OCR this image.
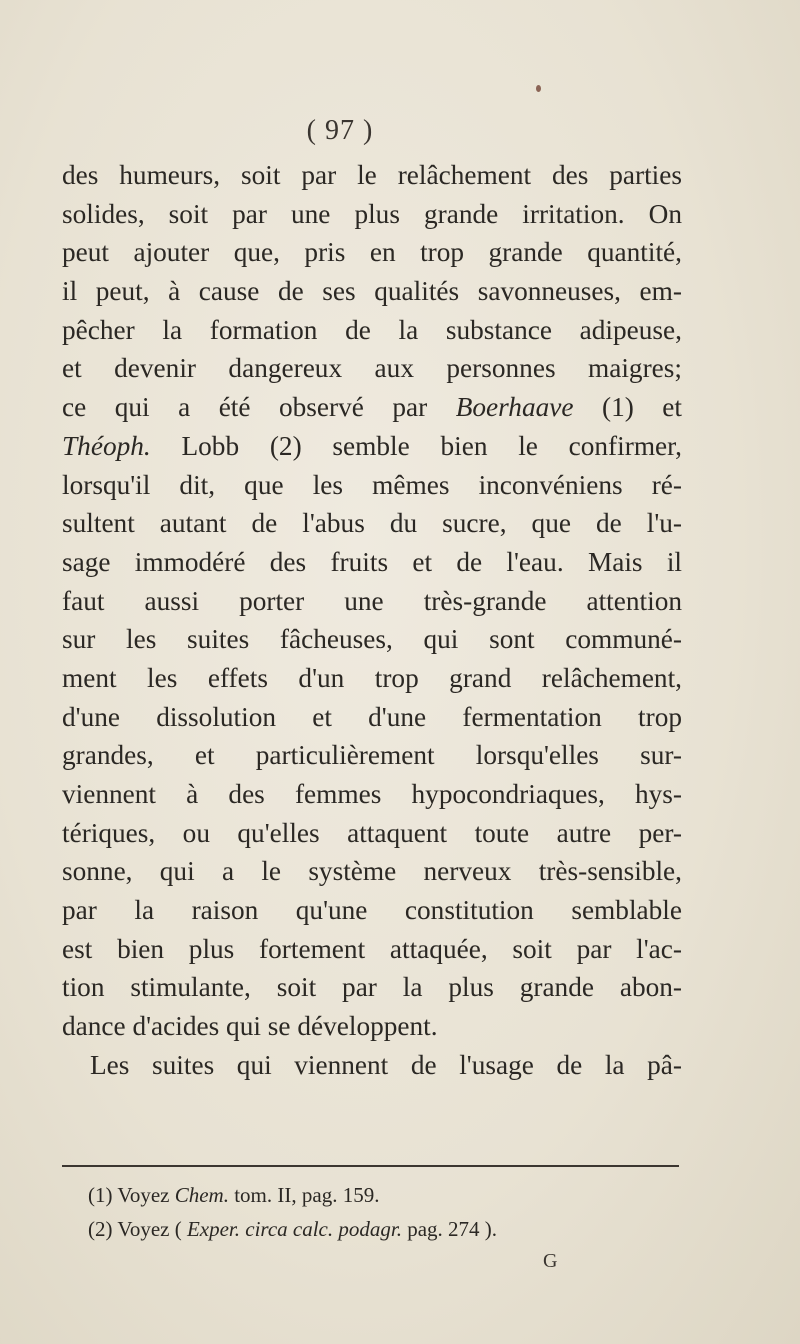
( 97 )
des humeurs, soit par le relâchement des parties
solides, soit par une plus grande irritation. On
peut ajouter que, pris en trop grande quantité,
il peut, à cause de ses qualités savonneuses, em-
pêcher la formation de la substance adipeuse,
et devenir dangereux aux personnes maigres;
ce qui a été observé par Boerhaave (1) et
Théoph. Lobb (2) semble bien le confirmer,
lorsqu'il dit, que les mêmes inconvéniens ré-
sultent autant de l'abus du sucre, que de l'u-
sage immodéré des fruits et de l'eau. Mais il
faut aussi porter une très-grande attention
sur les suites fâcheuses, qui sont communé-
ment les effets d'un trop grand relâchement,
d'une dissolution et d'une fermentation trop
grandes, et particulièrement lorsqu'elles sur-
viennent à des femmes hypocondriaques, hys-
tériques, ou qu'elles attaquent toute autre per-
sonne, qui a le système nerveux très-sensible,
par la raison qu'une constitution semblable
est bien plus fortement attaquée, soit par l'ac-
tion stimulante, soit par la plus grande abon-
dance d'acides qui se développent.
Les suites qui viennent de l'usage de la pâ-
(1) Voyez Chem. tom. II, pag. 159.
(2) Voyez ( Exper. circa calc. podagr. pag. 274 ).
G
